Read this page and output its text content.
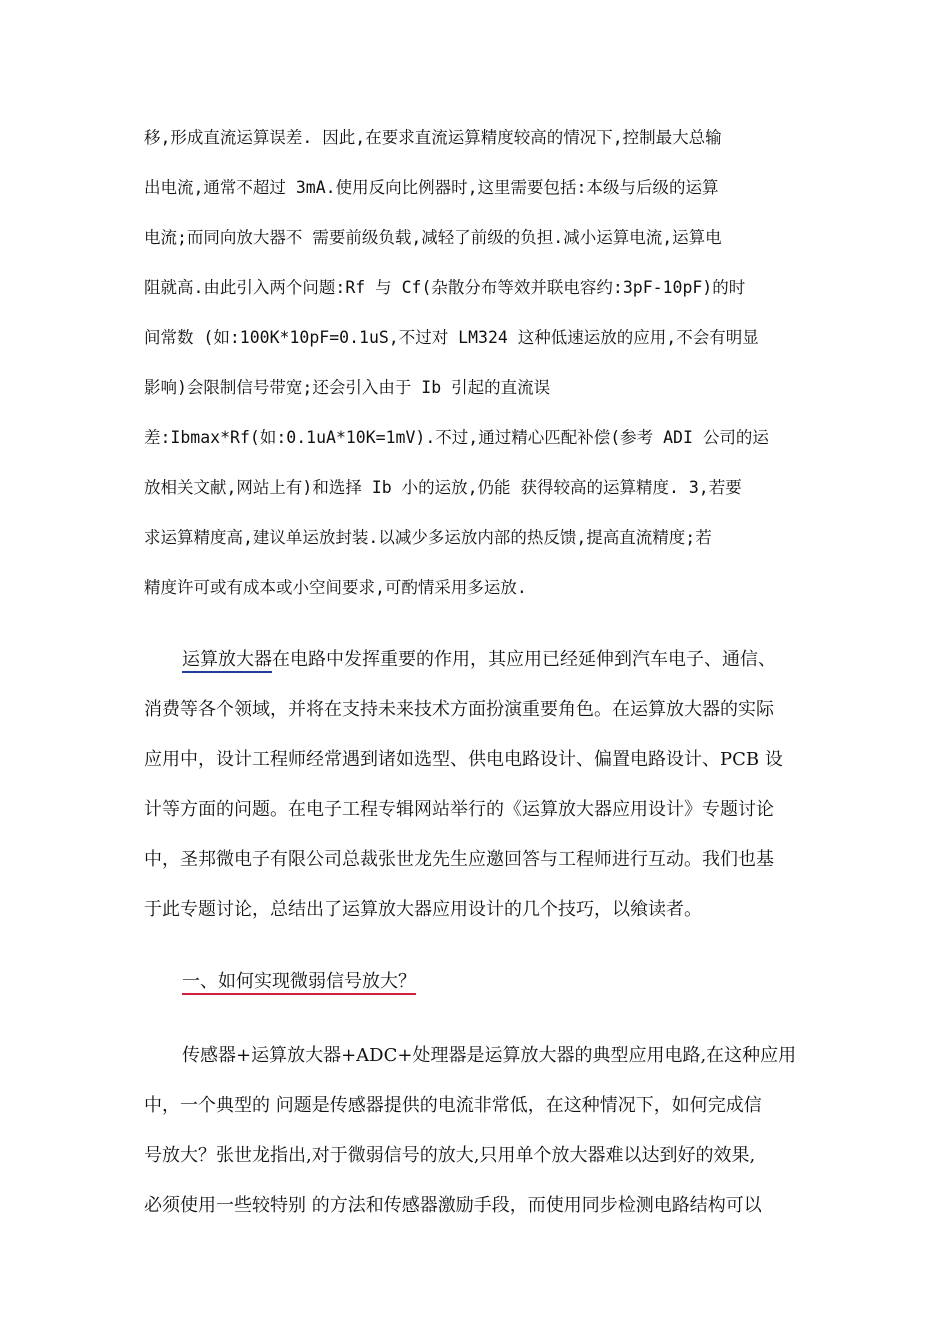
移,形成直流运算误差. 因此,在要求直流运算精度较高的情况下,控制最大总输
出电流,通常不超过 3mA.使用反向比例器时,这里需要包括:本级与后级的运算
电流;而同向放大器不 需要前级负载,减轻了前级的负担.减小运算电流,运算电
阻就高.由此引入两个问题:Rf 与 Cf(杂散分布等效并联电容约:3pF-10pF)的时
间常数 (如:100K*10pF=0.1uS,不过对 LM324 这种低速运放的应用,不会有明显
影响)会限制信号带宽;还会引入由于 Ib 引起的直流误
差:Ibmax*Rf(如:0.1uA*10K=1mV).不过,通过精心匹配补偿(参考 ADI 公司的运
放相关文献,网站上有)和选择 Ib 小的运放,仍能 获得较高的运算精度. 3,若要
求运算精度高,建议单运放封装.以减少多运放内部的热反馈,提高直流精度;若
精度许可或有成本或小空间要求,可酌情采用多运放.
运算放大器在电路中发挥重要的作用，其应用已经延伸到汽车电子、通信、
消费等各个领域，并将在支持未来技术方面扮演重要角色。在运算放大器的实际
应用中，设计工程师经常遇到诸如选型、供电电路设计、偏置电路设计、PCB 设
计等方面的问题。在电子工程专辑网站举行的《运算放大器应用设计》专题讨论
中，圣邦微电子有限公司总裁张世龙先生应邀回答与工程师进行互动。我们也基
于此专题讨论，总结出了运算放大器应用设计的几个技巧，以飨读者。
一、如何实现微弱信号放大？
传感器+运算放大器+ADC+处理器是运算放大器的典型应用电路,在这种应用
中，一个典型的 问题是传感器提供的电流非常低，在这种情况下，如何完成信
号放大？张世龙指出,对于微弱信号的放大,只用单个放大器难以达到好的效果,
必须使用一些较特别 的方法和传感器激励手段，而使用同步检测电路结构可以
